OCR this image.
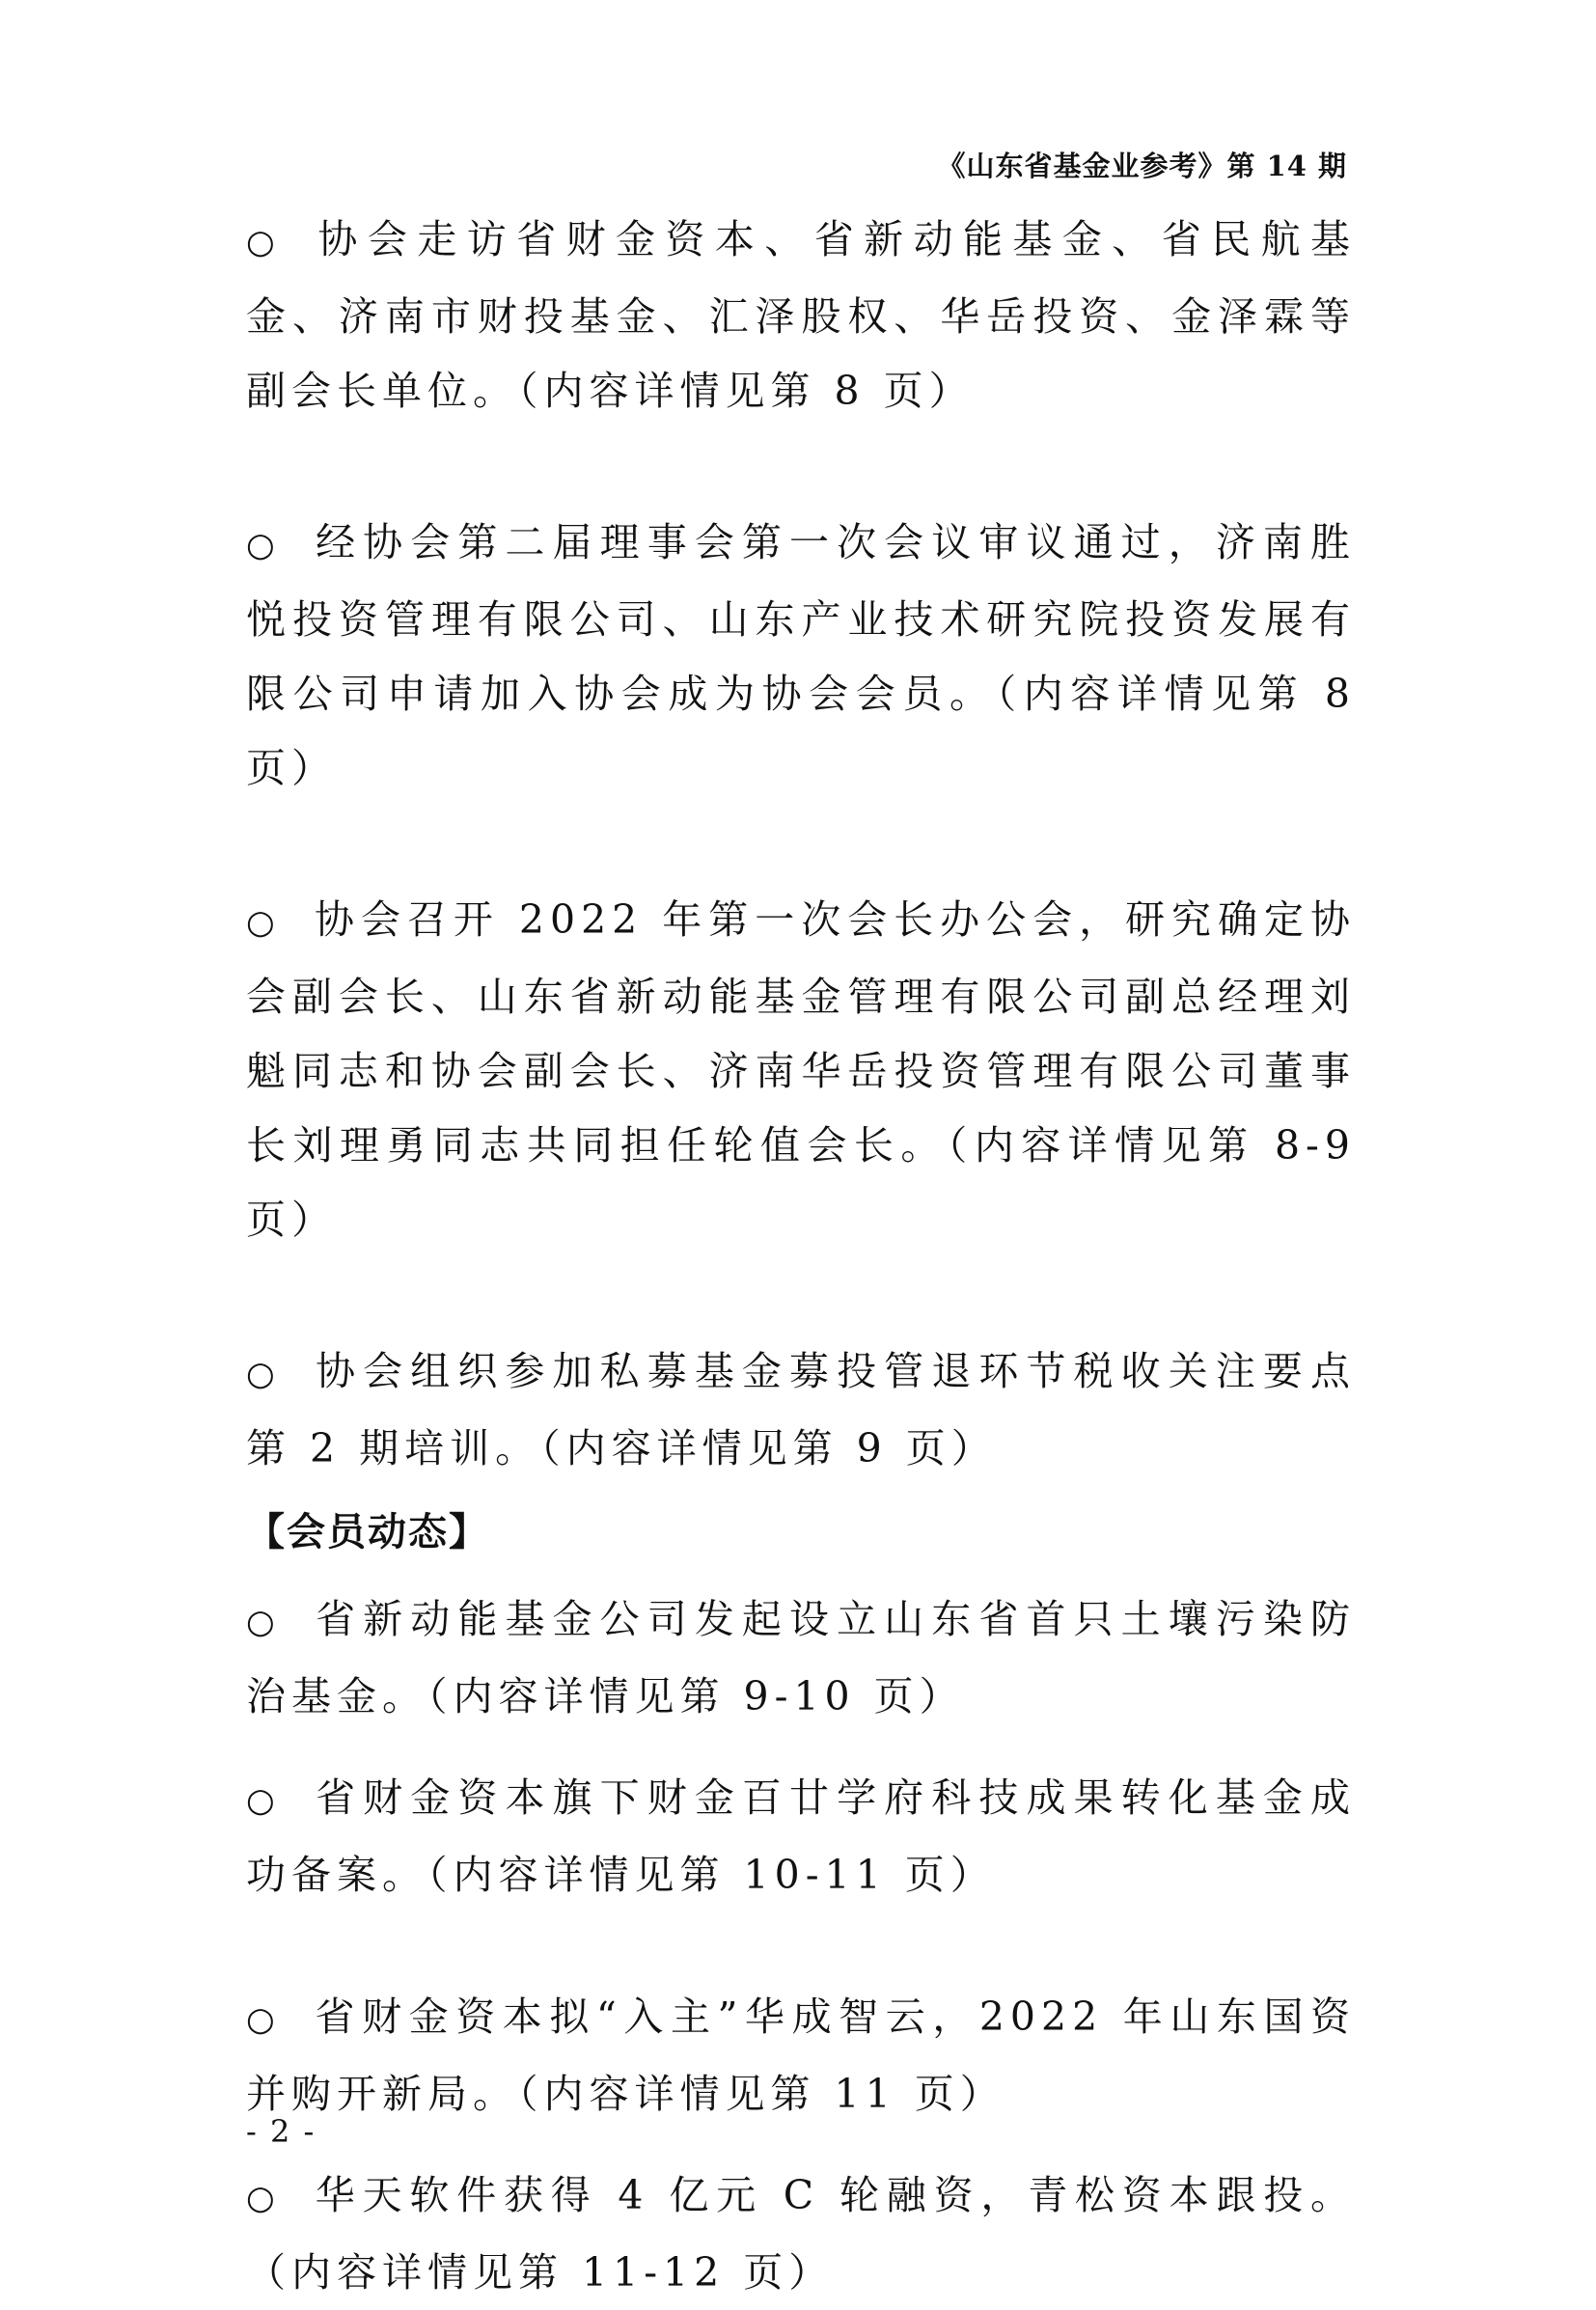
《山东省基金业参考》第 14 期

○ 协会走访省财金资本、省新动能基金、省民航基金、济南市财投基金、汇泽股权、华岳投资、金泽霖等副会长单位。（内容详情见第 8 页）

○ 经协会第二届理事会第一次会议审议通过，济南胜悦投资管理有限公司、山东产业技术研究院投资发展有限公司申请加入协会成为协会会员。（内容详情见第 8 页）

○ 协会召开 2022 年第一次会长办公会，研究确定协会副会长、山东省新动能基金管理有限公司副总经理刘魁同志和协会副会长、济南华岳投资管理有限公司董事长刘理勇同志共同担任轮值会长。（内容详情见第 8-9 页）

○ 协会组织参加私募基金募投管退环节税收关注要点第 2 期培训。（内容详情见第 9 页）

【会员动态】

○ 省新动能基金公司发起设立山东省首只土壤污染防治基金。（内容详情见第 9-10 页）

○ 省财金资本旗下财金百廿学府科技成果转化基金成功备案。（内容详情见第 10-11 页）

○ 省财金资本拟“入主”华成智云，2022 年山东国资并购开新局。（内容详情见第 11 页）

○ 华天软件获得 4 亿元 C 轮融资，青松资本跟投。（内容详情见第 11-12 页）

- 2 -
